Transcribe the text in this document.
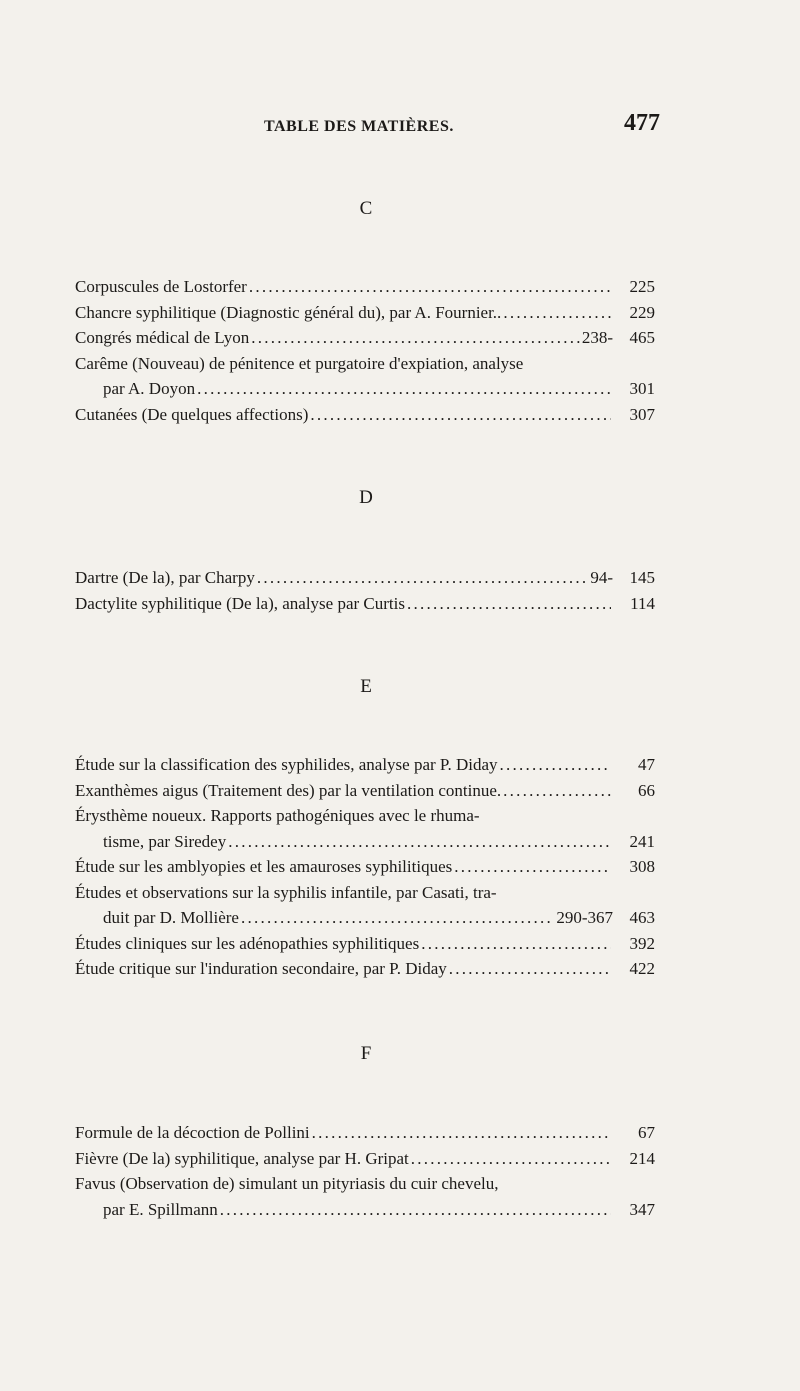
TABLE DES MATIÈRES.	477
C
Corpuscules de Lostorfer . . .	225
Chancre syphilitique (Diagnostic général du), par A. Fournier.. . . .	229
Congrés médical de Lyon . . .	238- 465
Carême (Nouveau) de pénitence et purgatoire d'expiation, analyse
par A. Doyon . . .	301
Cutanées (De quelques affections) . . .	307
D
Dartre (De la), par Charpy . . .	94- 145
Dactylite syphilitique (De la), analyse par Curtis . . .	114
E
Étude sur la classification des syphilides, analyse par P. Diday . . .	47
Exanthèmes aigus (Traitement des) par la ventilation continue. . . .	66
Érysthème noueux. Rapports pathogéniques avec le rhuma-
tisme, par Siredey . . .	241
Étude sur les amblyopies et les amauroses syphilitiques . . .	308
Études et observations sur la syphilis infantile, par Casati, tra-
duit par D. Mollière . . .	290-367 463
Études cliniques sur les adénopathies syphilitiques . . .	392
Étude critique sur l'induration secondaire, par P. Diday . . .	422
F
Formule de la décoction de Pollini . . .	67
Fièvre (De la) syphilitique, analyse par H. Gripat . . .	214
Favus (Observation de) simulant un pityriasis du cuir chevelu,
par E. Spillmann . . .	347
